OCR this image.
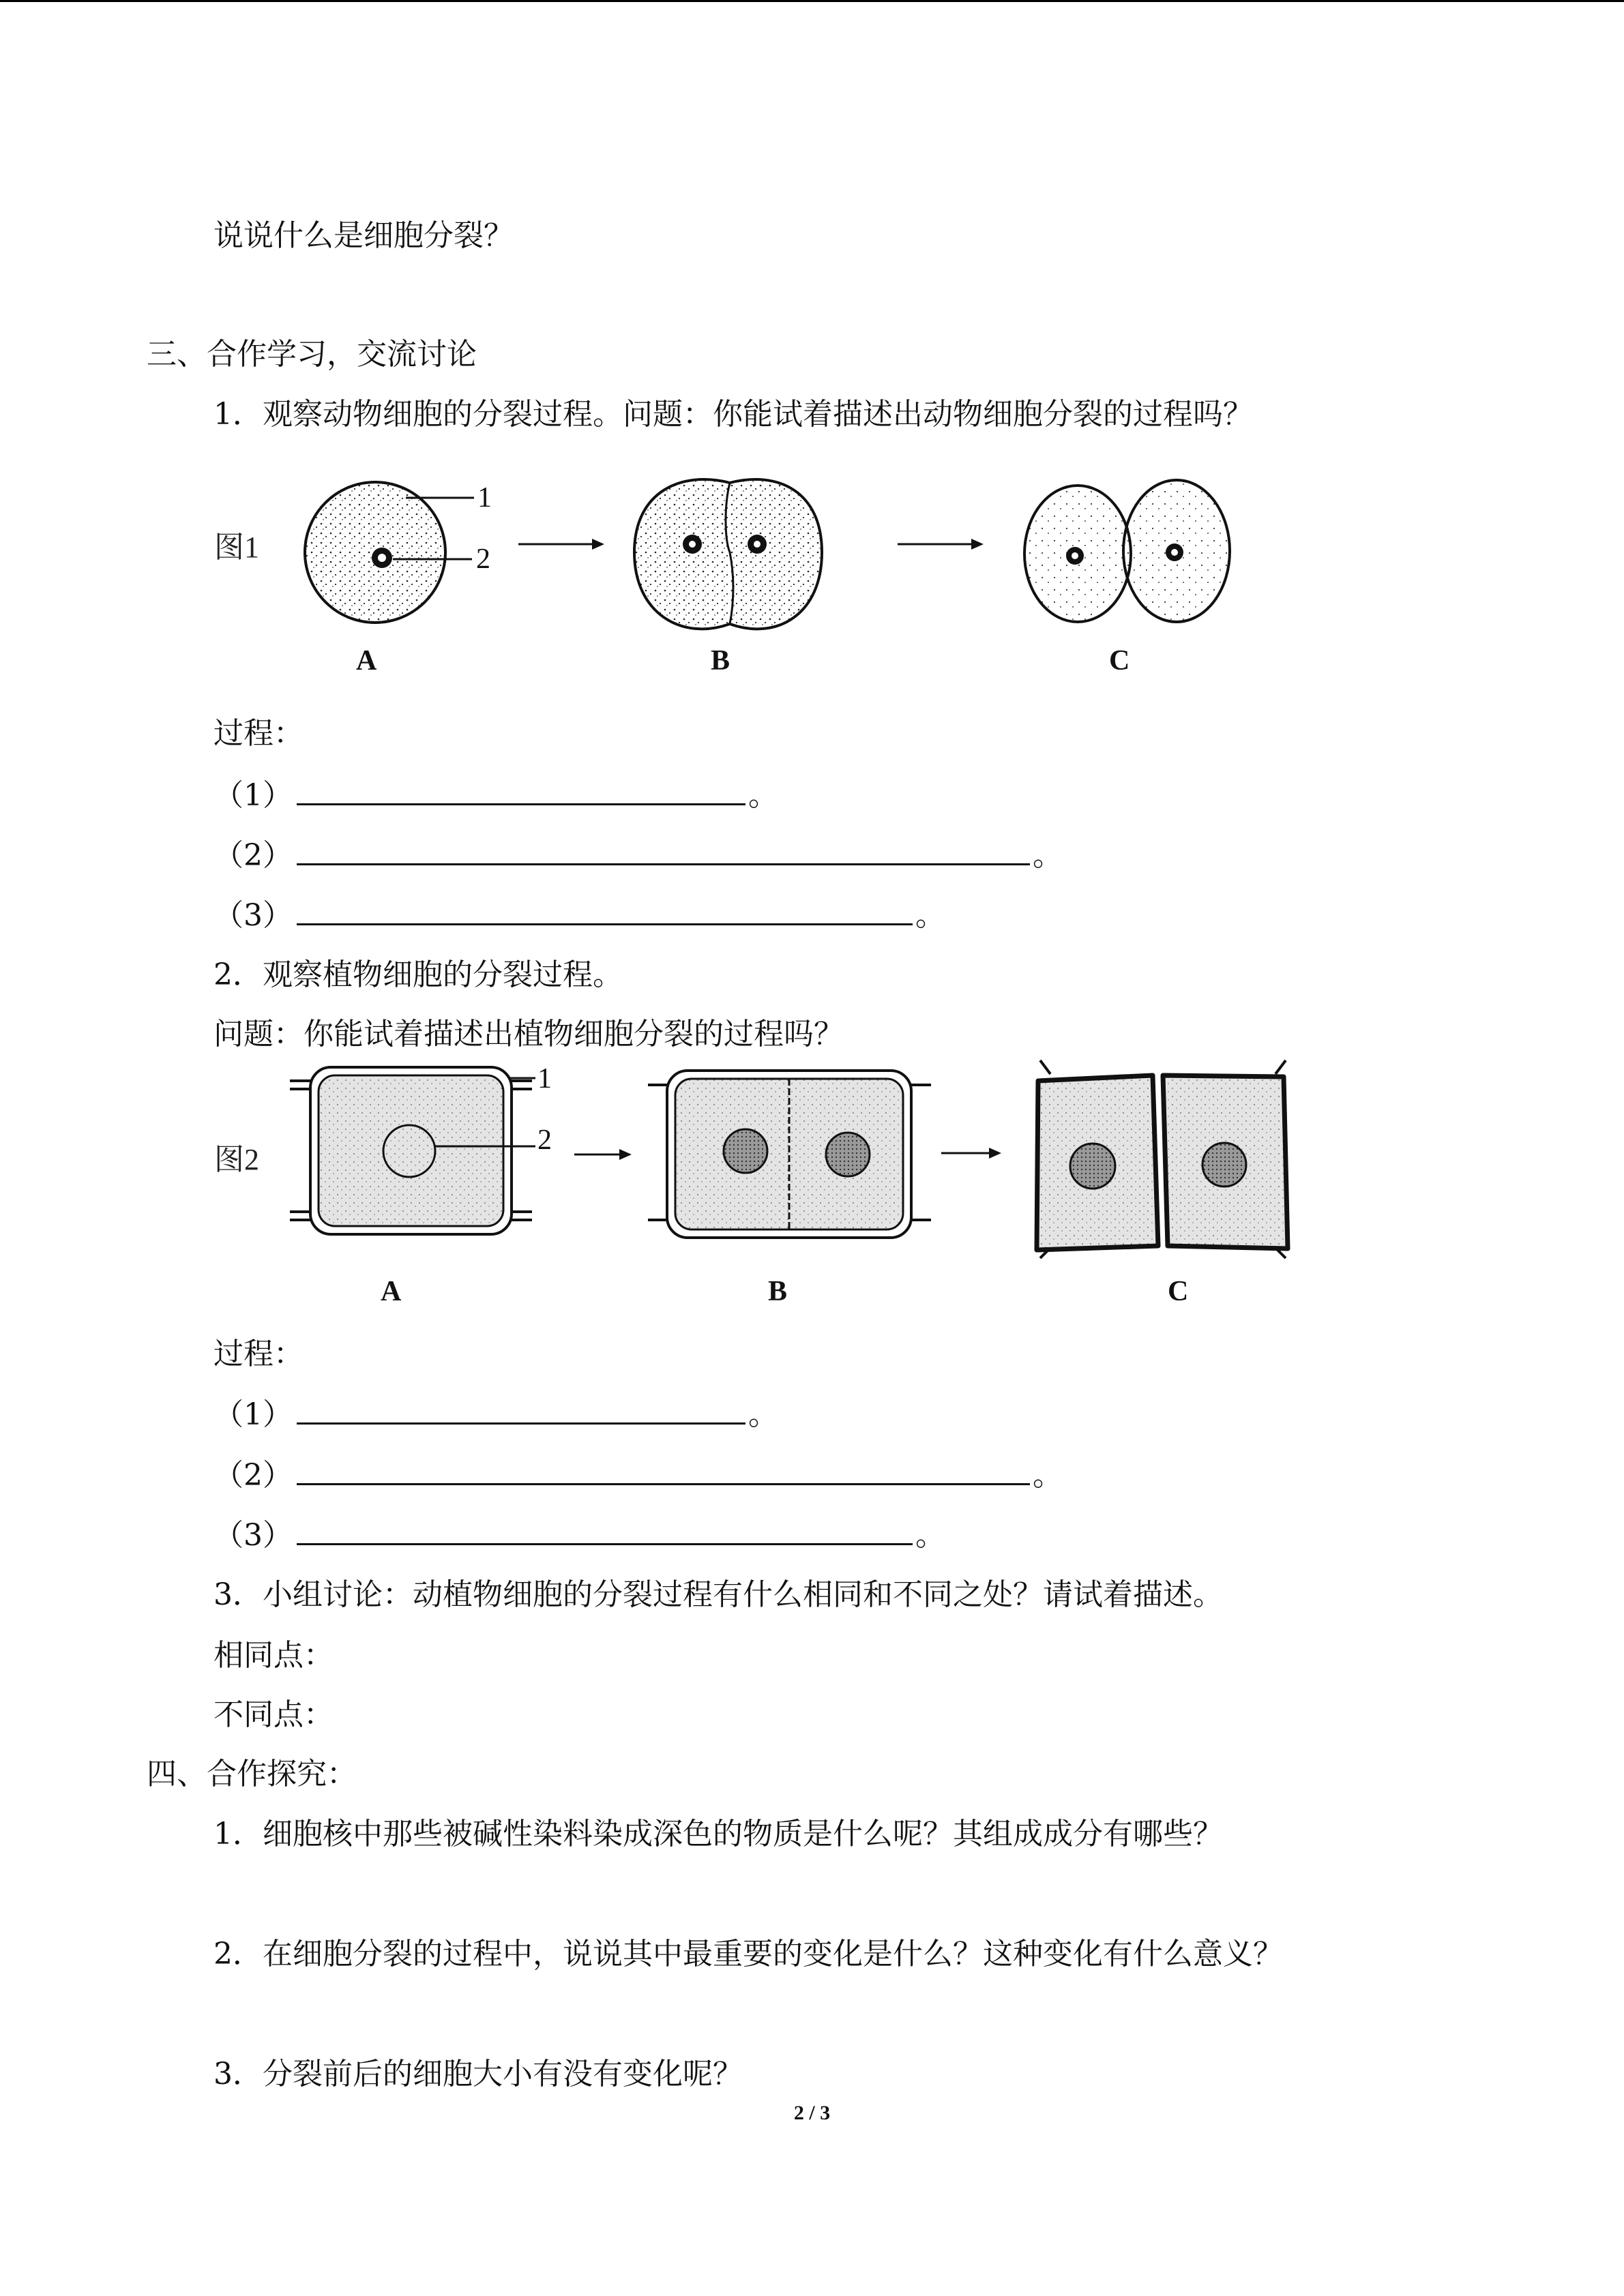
说说什么是细胞分裂？
三、合作学习，交流讨论
1．观察动物细胞的分裂过程。问题：你能试着描述出动物细胞分裂的过程吗？
图1
1
2
A	B	C
过程：
（1）	。
（2）	。
（3）	。
2．观察植物细胞的分裂过程。
问题：你能试着描述出植物细胞分裂的过程吗？
图2
1
2
A	B	C
过程：
（1）	。
（2）	。
（3）	。
3．小组讨论：动植物细胞的分裂过程有什么相同和不同之处？请试着描述。
相同点：
不同点：
四、合作探究：
1．细胞核中那些被碱性染料染成深色的物质是什么呢？其组成成分有哪些？
2．在细胞分裂的过程中，说说其中最重要的变化是什么？这种变化有什么意义？
3．分裂前后的细胞大小有没有变化呢？
2 / 3
